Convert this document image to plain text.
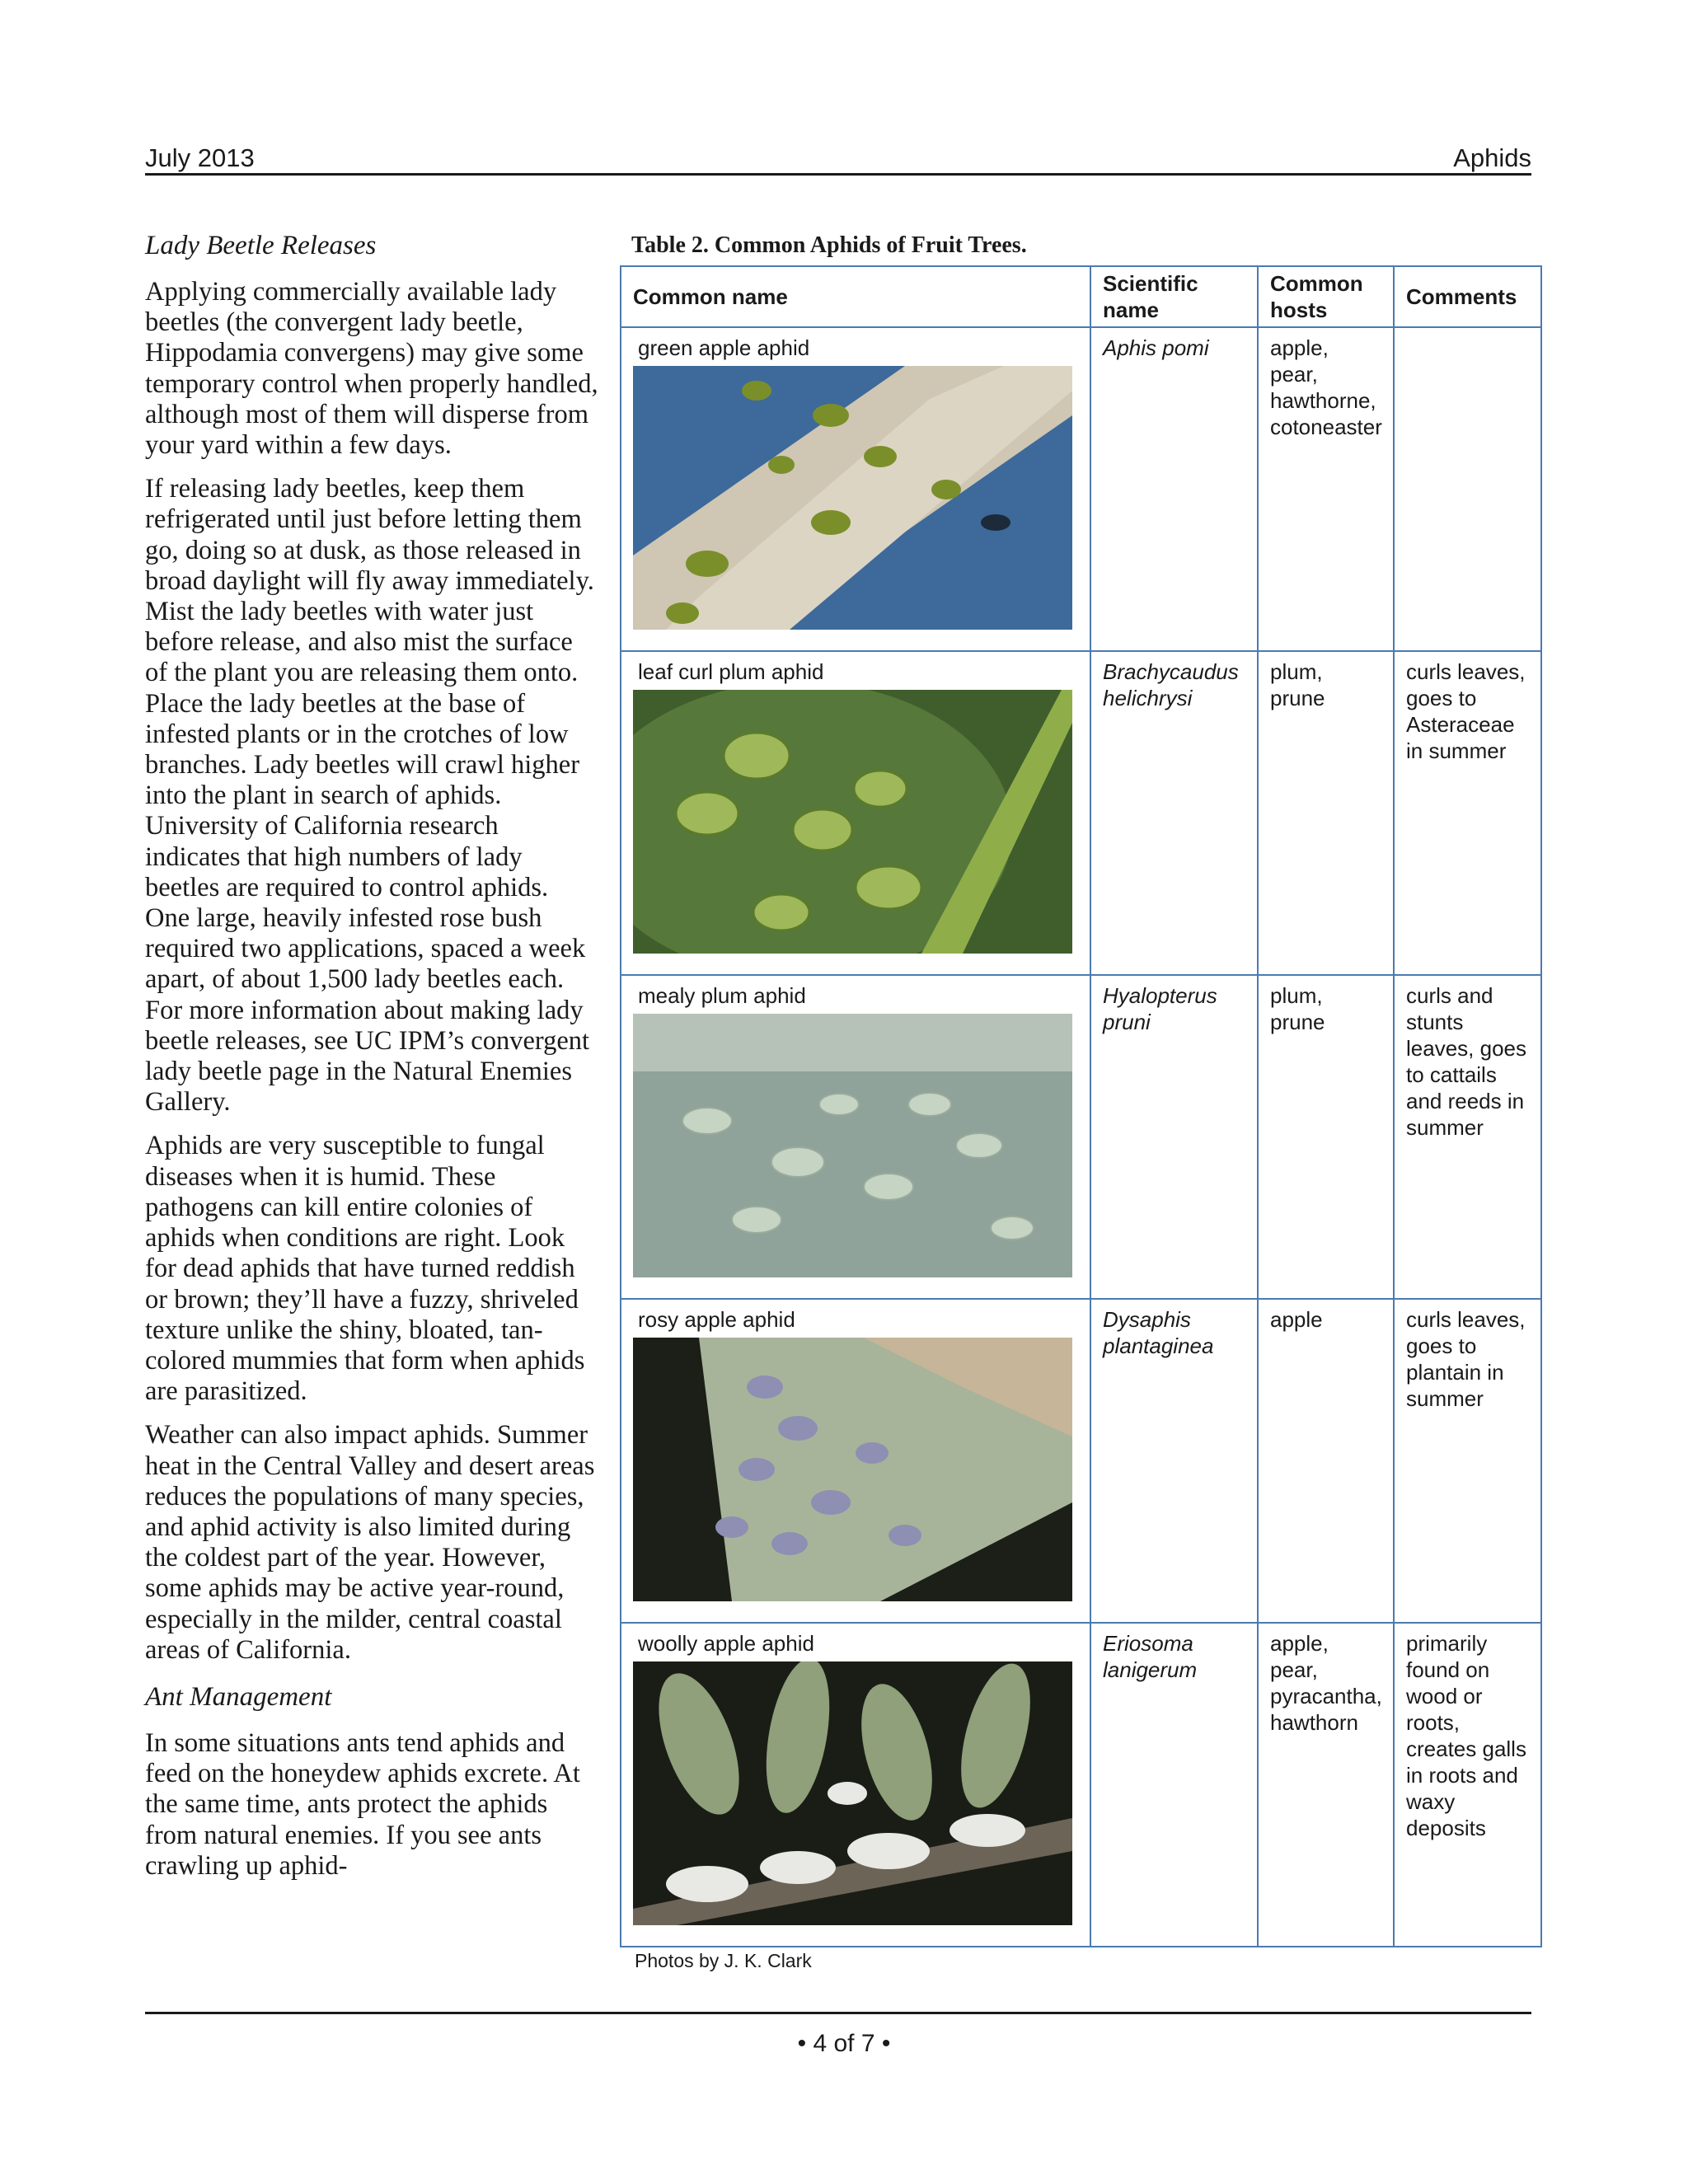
July 2013	Aphids
Lady Beetle Releases

Applying commercially available lady beetles (the convergent lady beetle, Hippodamia convergens) may give some temporary control when properly handled, although most of them will disperse from your yard within a few days.

If releasing lady beetles, keep them refrigerated until just before letting them go, doing so at dusk, as those released in broad daylight will fly away immediately. Mist the lady beetles with water just before release, and also mist the surface of the plant you are releasing them onto. Place the lady beetles at the base of infested plants or in the crotches of low branches. Lady beetles will crawl higher into the plant in search of aphids. University of California research indicates that high numbers of lady beetles are required to control aphids. One large, heavily infested rose bush required two applications, spaced a week apart, of about 1,500 lady beetles each. For more information about making lady beetle releases, see UC IPM’s convergent lady beetle page in the Natural Enemies Gallery.

Aphids are very susceptible to fungal diseases when it is humid. These pathogens can kill entire colonies of aphids when conditions are right. Look for dead aphids that have turned reddish or brown; they’ll have a fuzzy, shriveled texture unlike the shiny, bloated, tan-colored mummies that form when aphids are parasitized.

Weather can also impact aphids. Summer heat in the Central Valley and desert areas reduces the populations of many species, and aphid activity is also limited during the coldest part of the year. However, some aphids may be active year-round, especially in the milder, central coastal areas of California.

Ant Management

In some situations ants tend aphids and feed on the honeydew aphids excrete. At the same time, ants protect the aphids from natural enemies. If you see ants crawling up aphid-

Table 2. Common Aphids of Fruit Trees.
Common name	Scientific name	Common hosts	Comments

green apple aphid	Aphis pomi	apple, pear, hawthorne, cotoneaster	

leaf curl plum aphid	Brachycaudus helichrysi	plum, prune	curls leaves, goes to Asteraceae in summer

mealy plum aphid	Hyalopterus pruni	plum, prune	curls and stunts leaves, goes to cattails and reeds in summer

rosy apple aphid	Dysaphis plantaginea	apple	curls leaves, goes to plantain in summer

woolly apple aphid	Eriosoma lanigerum	apple, pear, pyracantha, hawthorn	primarily found on wood or roots, creates galls in roots and waxy deposits
Photos by J. K. Clark
• 4 of 7 •
